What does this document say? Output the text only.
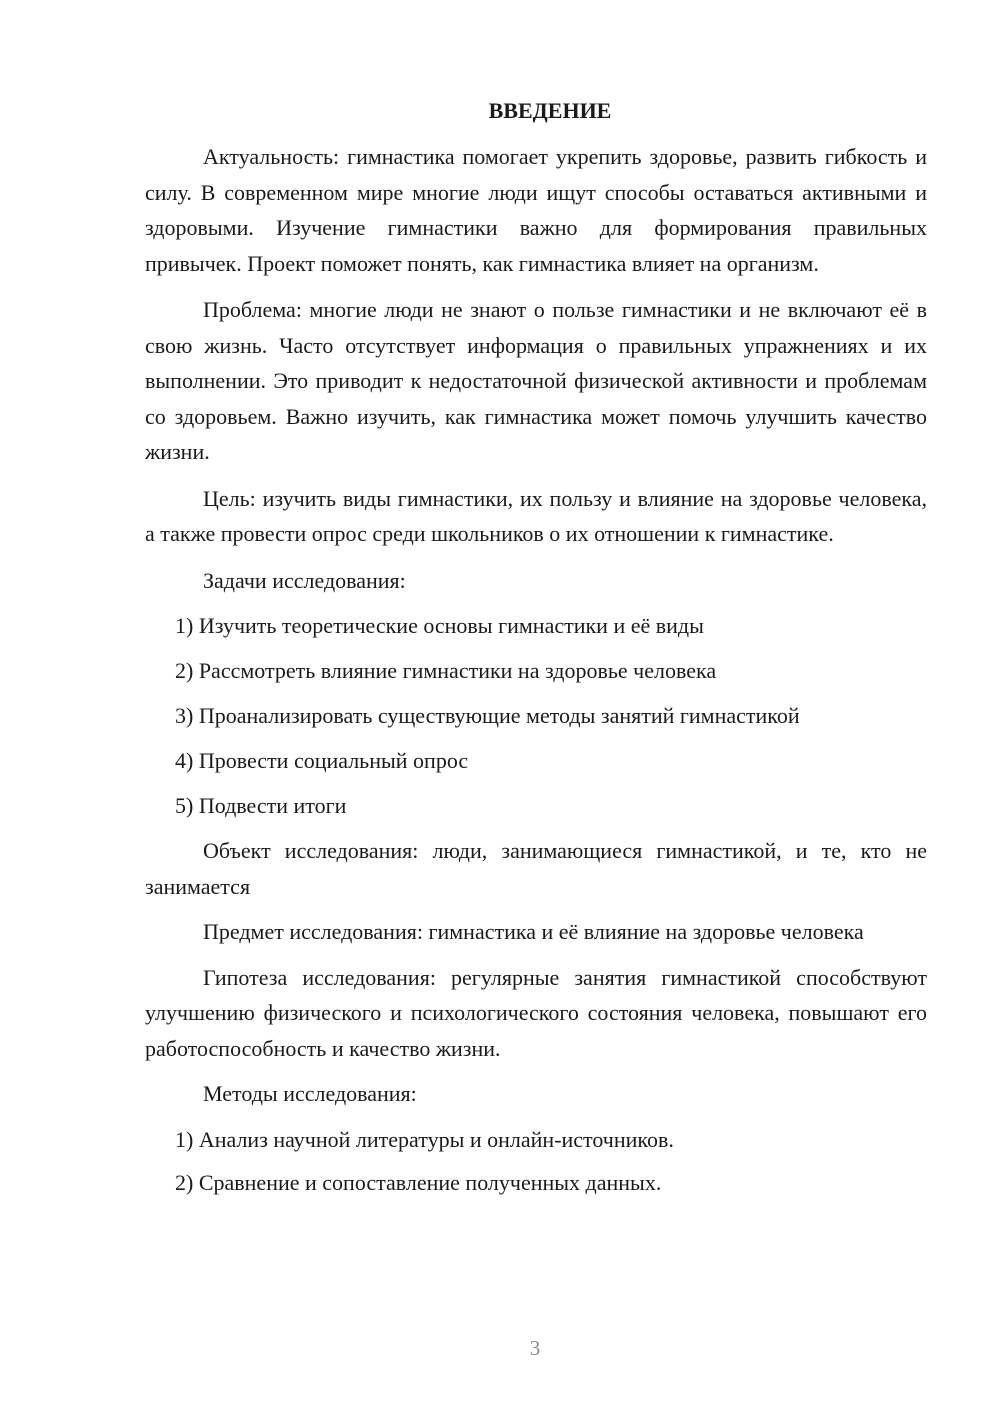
ВВЕДЕНИЕ

Актуальность: гимнастика помогает укрепить здоровье, развить гибкость и силу. В современном мире многие люди ищут способы оставаться активными и здоровыми. Изучение гимнастики важно для формирования правильных привычек. Проект поможет понять, как гимнастика влияет на организм.

Проблема: многие люди не знают о пользе гимнастики и не включают её в свою жизнь. Часто отсутствует информация о правильных упражнениях и их выполнении. Это приводит к недостаточной физической активности и проблемам со здоровьем. Важно изучить, как гимнастика может помочь улучшить качество жизни.

Цель: изучить виды гимнастики, их пользу и влияние на здоровье человека, а также провести опрос среди школьников о их отношении к гимнастике.

Задачи исследования:

1) Изучить теоретические основы гимнастики и её виды
2) Рассмотреть влияние гимнастики на здоровье человека
3) Проанализировать существующие методы занятий гимнастикой
4) Провести социальный опрос
5) Подвести итоги

Объект исследования: люди, занимающиеся гимнастикой, и те, кто не занимается

Предмет исследования: гимнастика и её влияние на здоровье человека

Гипотеза исследования: регулярные занятия гимнастикой способствуют улучшению физического и психологического состояния человека, повышают его работоспособность и качество жизни.

Методы исследования:

1) Анализ научной литературы и онлайн-источников.
2) Сравнение и сопоставление полученных данных.
3
